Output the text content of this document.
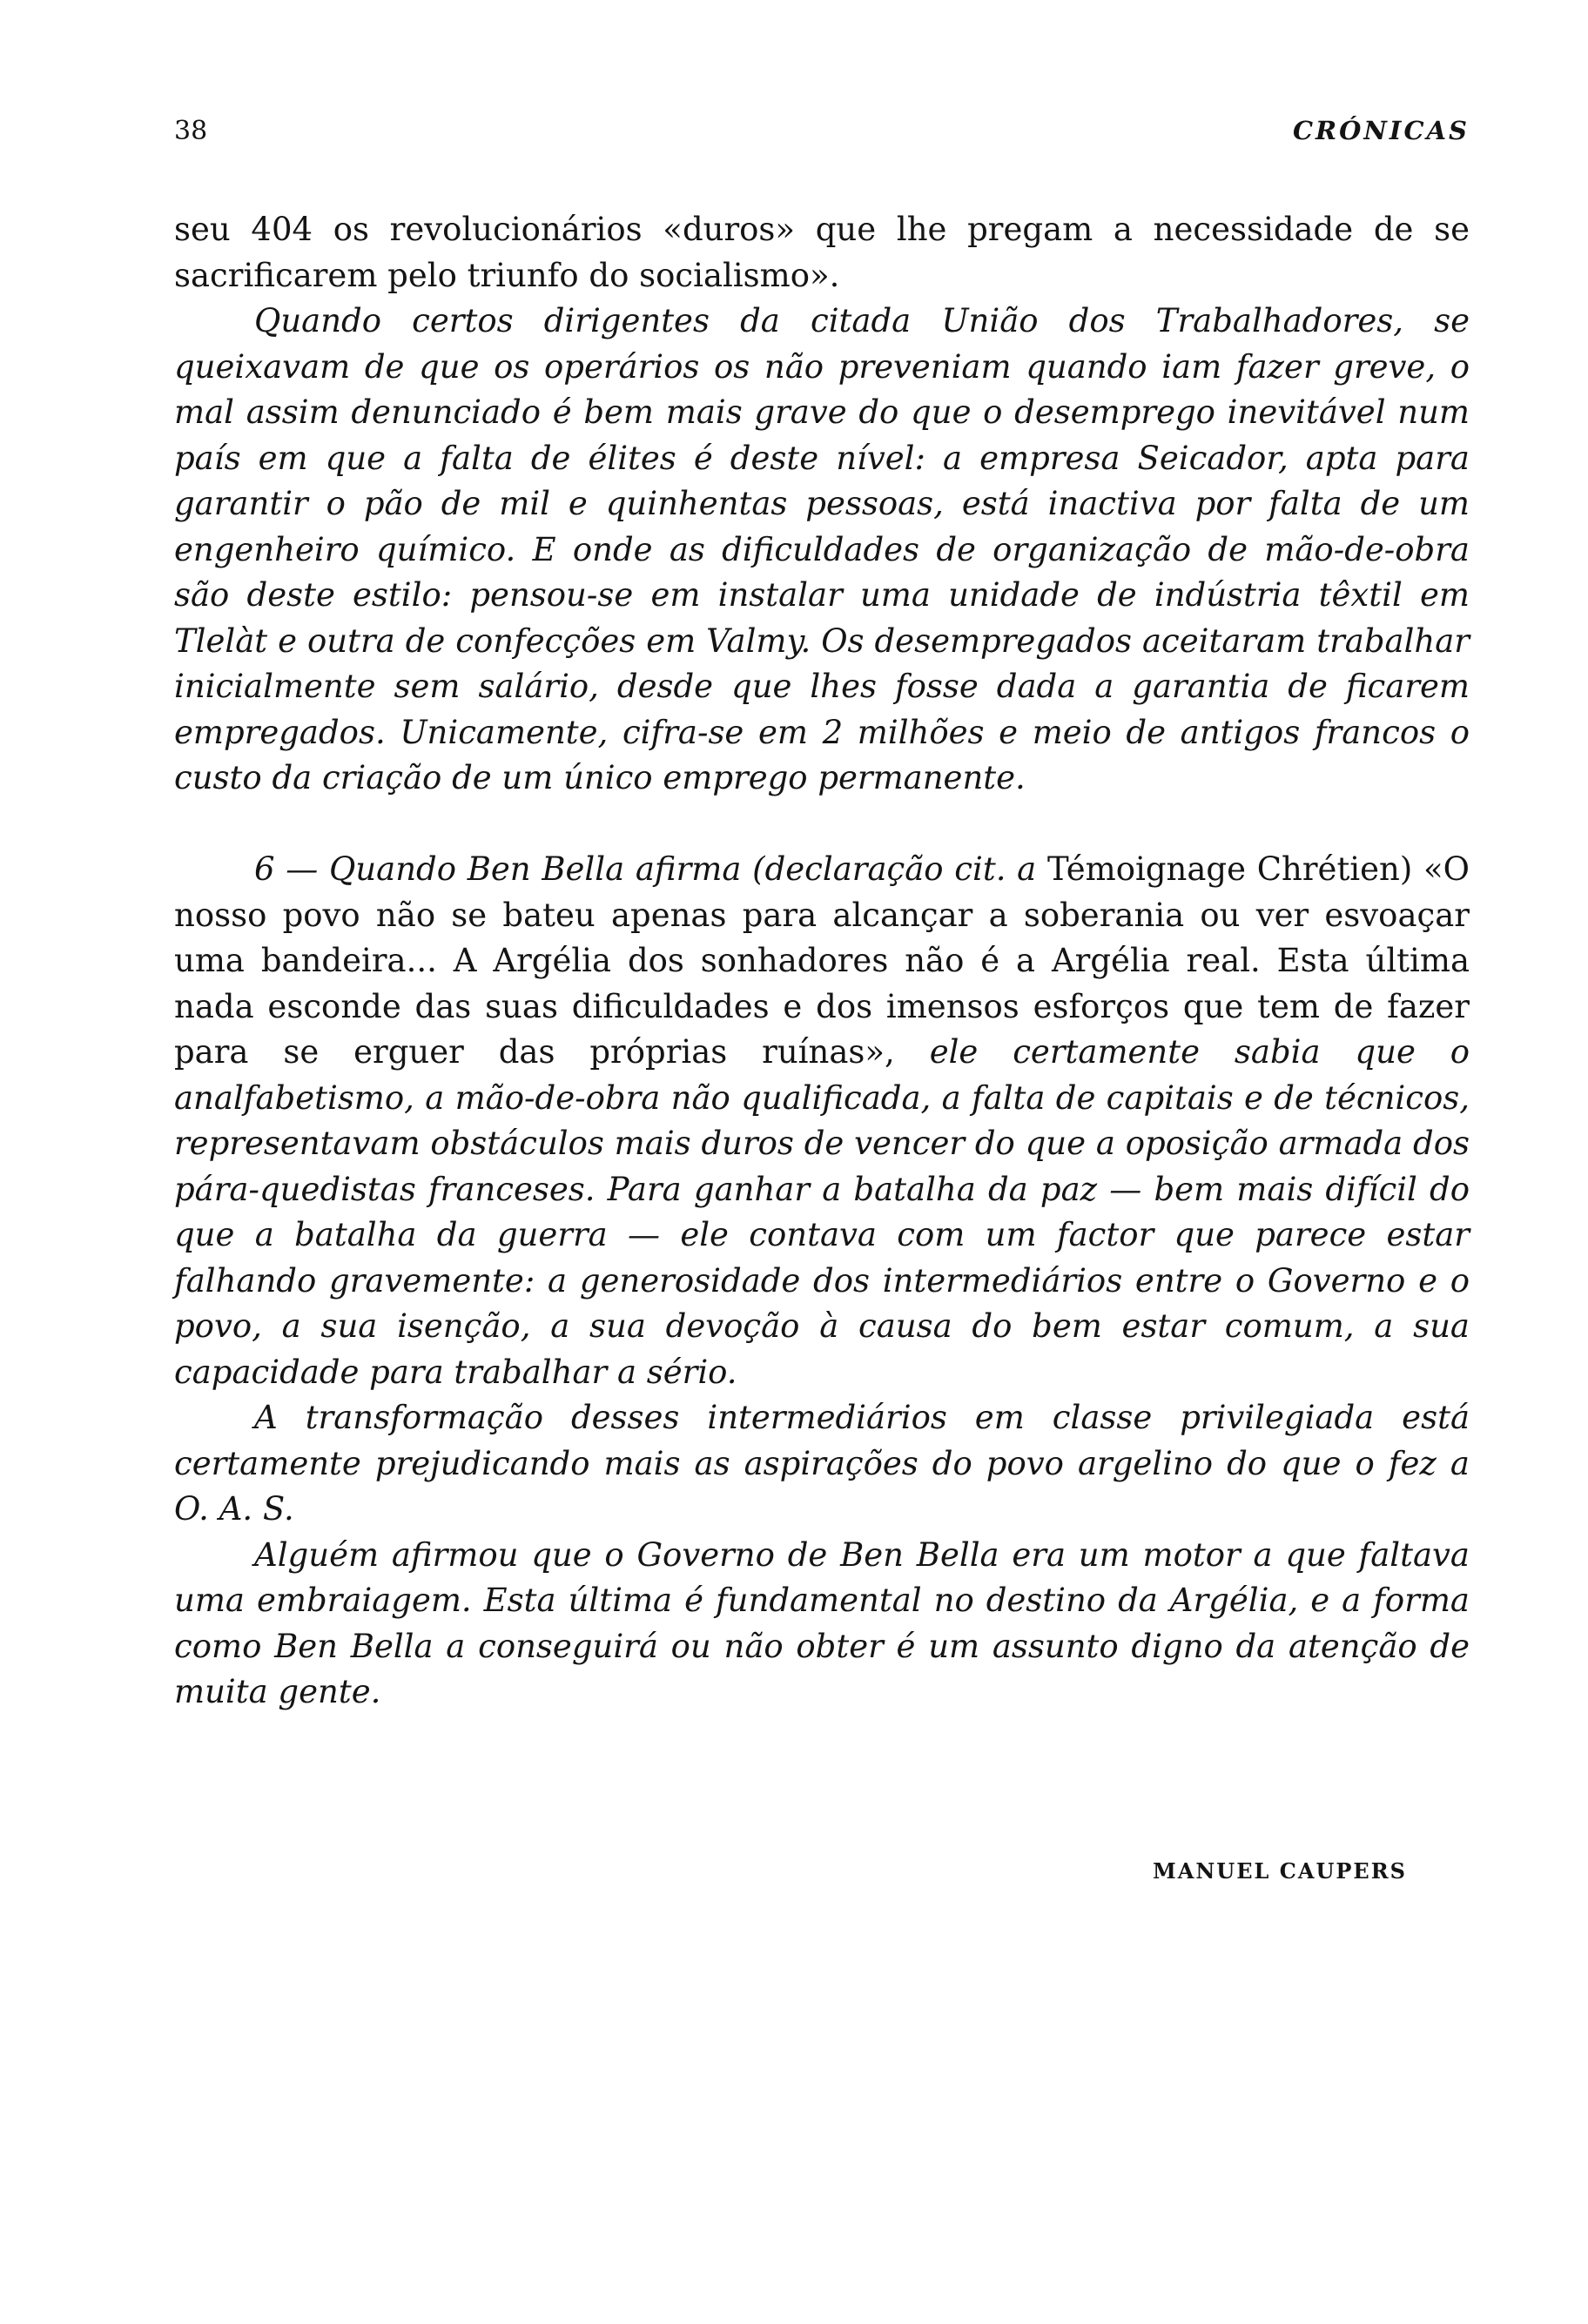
38	CRÓNICAS

seu 404 os revolucionários «duros» que lhe pregam a necessidade de se sacrificarem pelo triunfo do socialismo».

Quando certos dirigentes da citada União dos Trabalhadores, se queixavam de que os operários os não preveniam quando iam fazer greve, o mal assim denunciado é bem mais grave do que o desemprego inevitável num país em que a falta de élites é deste nível: a empresa Seicador, apta para garantir o pão de mil e quinhentas pessoas, está inactiva por falta de um engenheiro químico. E onde as dificuldades de organização de mão-de-obra são deste estilo: pensou-se em instalar uma unidade de indústria têxtil em Tlelàt e outra de confecções em Valmy. Os desempregados aceitaram trabalhar inicialmente sem salário, desde que lhes fosse dada a garantia de ficarem empregados. Unicamente, cifra-se em 2 milhões e meio de antigos francos o custo da criação de um único emprego permanente.

6 — Quando Ben Bella afirma (declaração cit. a Témoignage Chrétien) «O nosso povo não se bateu apenas para alcançar a soberania ou ver esvoaçar uma bandeira... A Argélia dos sonhadores não é a Argélia real. Esta última nada esconde das suas dificuldades e dos imensos esforços que tem de fazer para se erguer das próprias ruínas», ele certamente sabia que o analfabetismo, a mão-de-obra não qualificada, a falta de capitais e de técnicos, representavam obstáculos mais duros de vencer do que a oposição armada dos pára-quedistas franceses. Para ganhar a batalha da paz — bem mais difícil do que a batalha da guerra — ele contava com um factor que parece estar falhando gravemente: a generosidade dos intermediários entre o Governo e o povo, a sua isenção, a sua devoção à causa do bem estar comum, a sua capacidade para trabalhar a sério.

A transformação desses intermediários em classe privilegiada está certamente prejudicando mais as aspirações do povo argelino do que o fez a O. A. S.

Alguém afirmou que o Governo de Ben Bella era um motor a que faltava uma embraiagem. Esta última é fundamental no destino da Argélia, e a forma como Ben Bella a conseguirá ou não obter é um assunto digno da atenção de muita gente.

MANUEL CAUPERS
